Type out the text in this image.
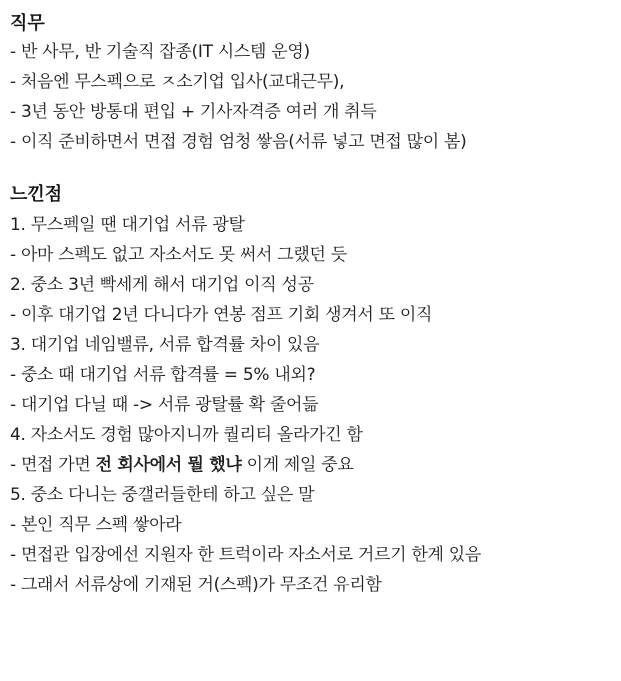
직무
- 반 사무, 반 기술직 잡종(IT 시스템 운영)
- 처음엔 무스펙으로 ㅈ소기업 입사(교대근무),
- 3년 동안 방통대 편입 + 기사자격증 여러 개 취득
- 이직 준비하면서 면접 경험 엄청 쌓음(서류 넣고 면접 많이 봄)
느낀점
1. 무스펙일 땐 대기업 서류 광탈
- 아마 스펙도 없고 자소서도 못 써서 그랬던 듯
2. 중소 3년 빡세게 해서 대기업 이직 성공
- 이후 대기업 2년 다니다가 연봉 점프 기회 생겨서 또 이직
3. 대기업 네임밸류, 서류 합격률 차이 있음
- 중소 때 대기업 서류 합격률 = 5% 내외?
- 대기업 다닐 때 -> 서류 광탈률 확 줄어듦
4. 자소서도 경험 많아지니까 퀄리티 올라가긴 함
- 면접 가면 전 회사에서 뭘 했냐 이게 제일 중요
5. 중소 다니는 중갤러들한테 하고 싶은 말
- 본인 직무 스펙 쌓아라
- 면접관 입장에선 지원자 한 트럭이라 자소서로 거르기 한계 있음
- 그래서 서류상에 기재된 거(스펙)가 무조건 유리함
